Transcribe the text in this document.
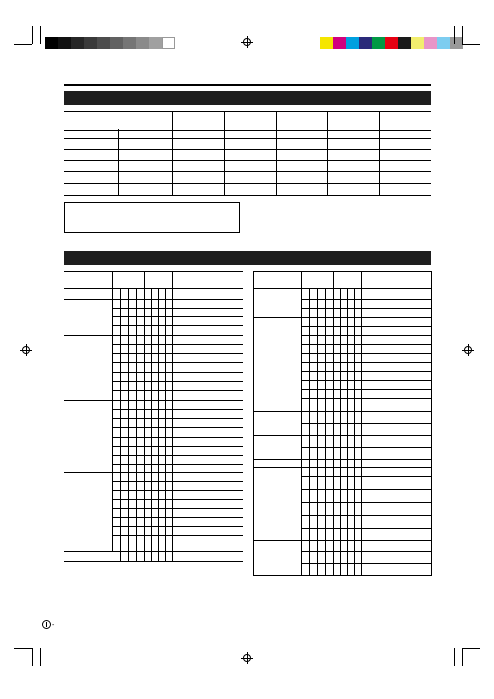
-
